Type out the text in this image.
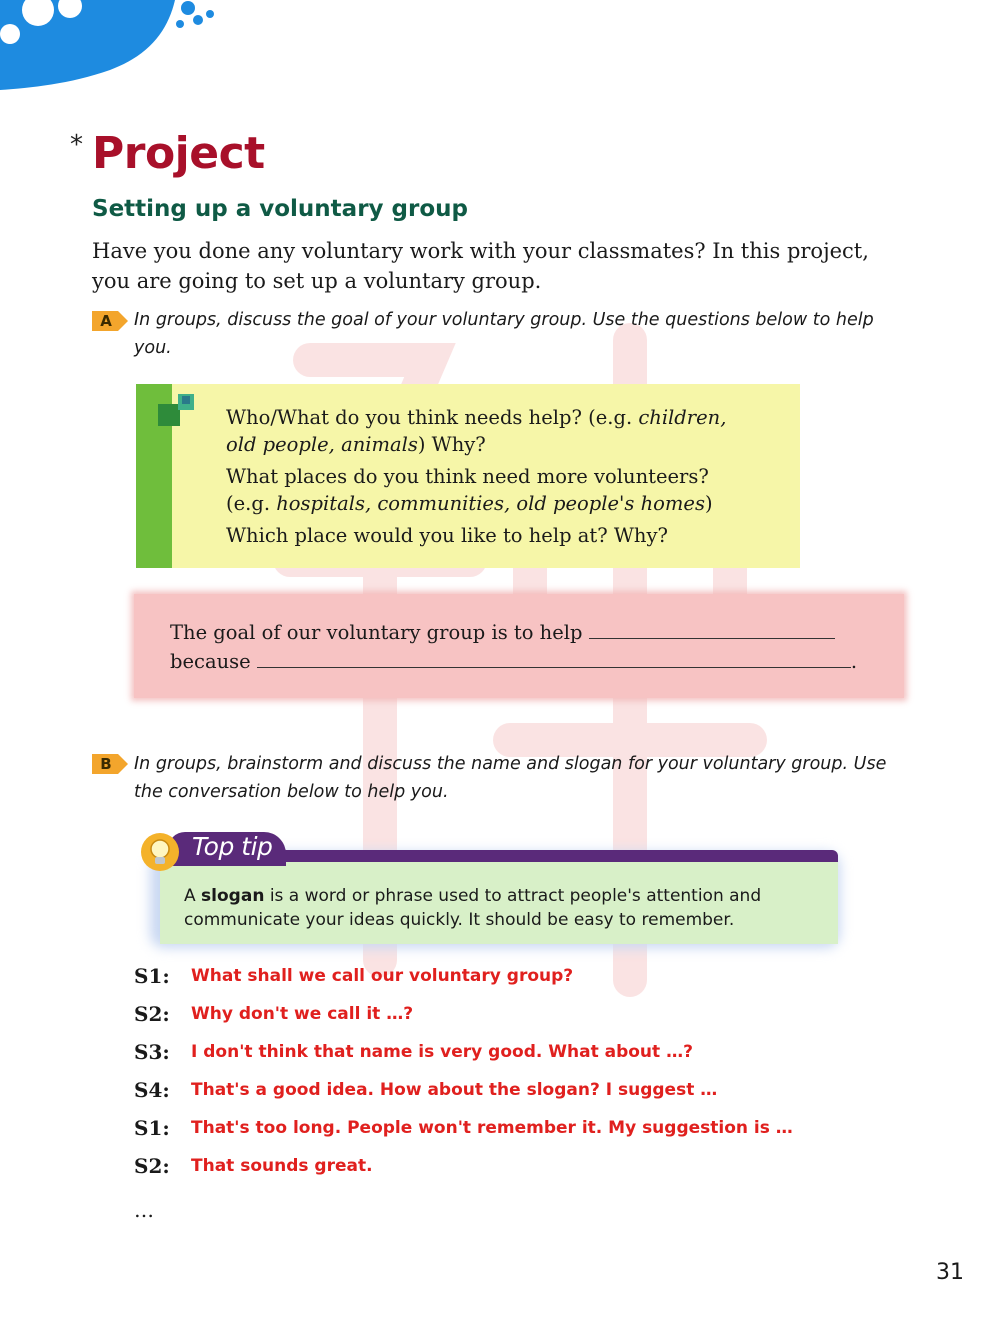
* Project
Setting up a voluntary group
Have you done any voluntary work with your classmates? In this project, you are going to set up a voluntary group.
A	In groups, discuss the goal of your voluntary group. Use the questions below to help you.

Who/What do you think needs help? (e.g. children,
old people, animals) Why?

What places do you think need more volunteers?
(e.g. hospitals, communities, old people's homes)

Which place would you like to help at? Why?

The goal of our voluntary group is to help
because	.
B	In groups, brainstorm and discuss the name and slogan for your voluntary group. Use the conversation below to help you.
Top tip
A slogan is a word or phrase used to attract people's attention and communicate your ideas quickly. It should be easy to remember.
S1: What shall we call our voluntary group?
S2: Why don't we call it …?
S3: I don't think that name is very good. What about …?
S4: That's a good idea. How about the slogan? I suggest …
S1: That's too long. People won't remember it. My suggestion is …
S2: That sounds great.
…
31
